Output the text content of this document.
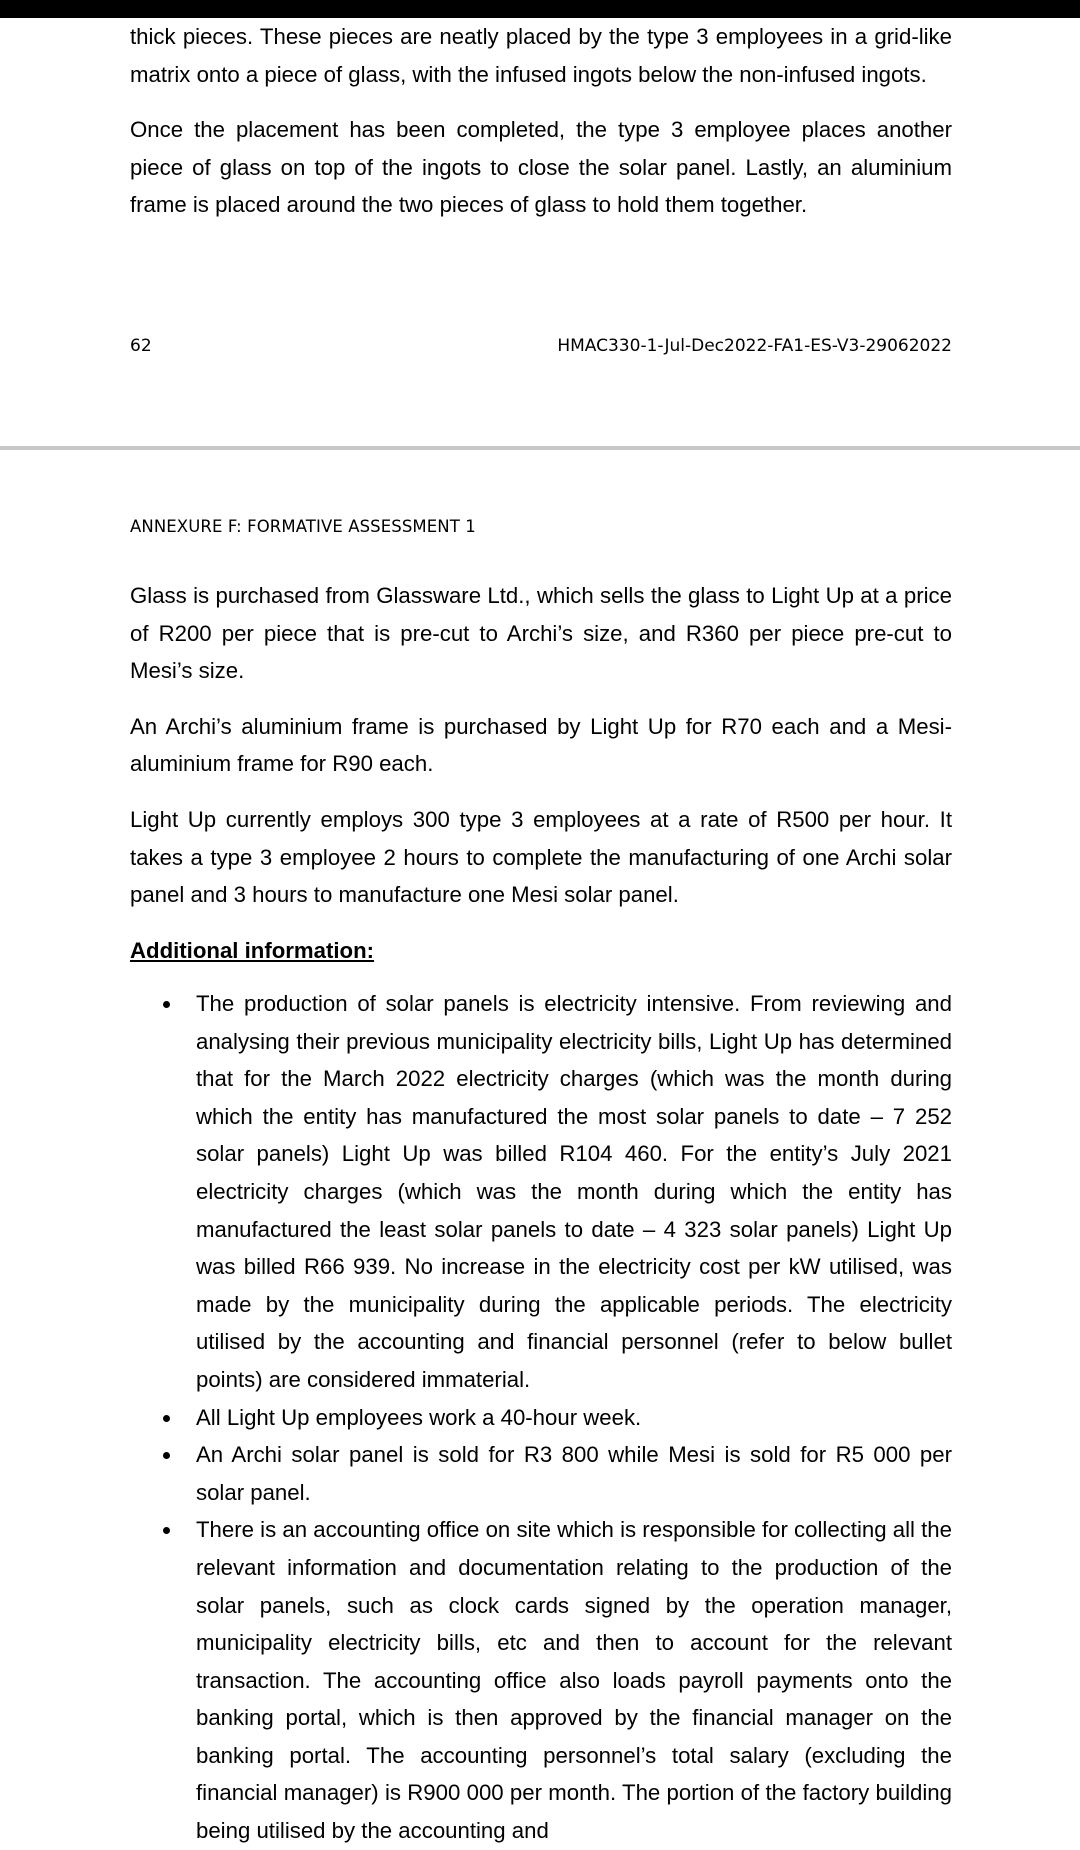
thick pieces. These pieces are neatly placed by the type 3 employees in a grid-like matrix onto a piece of glass, with the infused ingots below the non-infused ingots.

Once the placement has been completed, the type 3 employee places another piece of glass on top of the ingots to close the solar panel. Lastly, an aluminium frame is placed around the two pieces of glass to hold them together.

62	HMAC330-1-Jul-Dec2022-FA1-ES-V3-29062022
ANNEXURE F: FORMATIVE ASSESSMENT 1

Glass is purchased from Glassware Ltd., which sells the glass to Light Up at a price of R200 per piece that is pre-cut to Archi’s size, and R360 per piece pre-cut to Mesi’s size.

An Archi’s aluminium frame is purchased by Light Up for R70 each and a Mesi-aluminium frame for R90 each.

Light Up currently employs 300 type 3 employees at a rate of R500 per hour. It takes a type 3 employee 2 hours to complete the manufacturing of one Archi solar panel and 3 hours to manufacture one Mesi solar panel.

Additional information:

The production of solar panels is electricity intensive. From reviewing and analysing their previous municipality electricity bills, Light Up has determined that for the March 2022 electricity charges (which was the month during which the entity has manufactured the most solar panels to date – 7 252 solar panels) Light Up was billed R104 460. For the entity’s July 2021 electricity charges (which was the month during which the entity has manufactured the least solar panels to date – 4 323 solar panels) Light Up was billed R66 939. No increase in the electricity cost per kW utilised, was made by the municipality during the applicable periods. The electricity utilised by the accounting and financial personnel (refer to below bullet points) are considered immaterial.
All Light Up employees work a 40-hour week.
An Archi solar panel is sold for R3 800 while Mesi is sold for R5 000 per solar panel.
There is an accounting office on site which is responsible for collecting all the relevant information and documentation relating to the production of the solar panels, such as clock cards signed by the operation manager, municipality electricity bills, etc and then to account for the relevant transaction. The accounting office also loads payroll payments onto the banking portal, which is then approved by the financial manager on the banking portal. The accounting personnel’s total salary (excluding the financial manager) is R900 000 per month. The portion of the factory building being utilised by the accounting and
